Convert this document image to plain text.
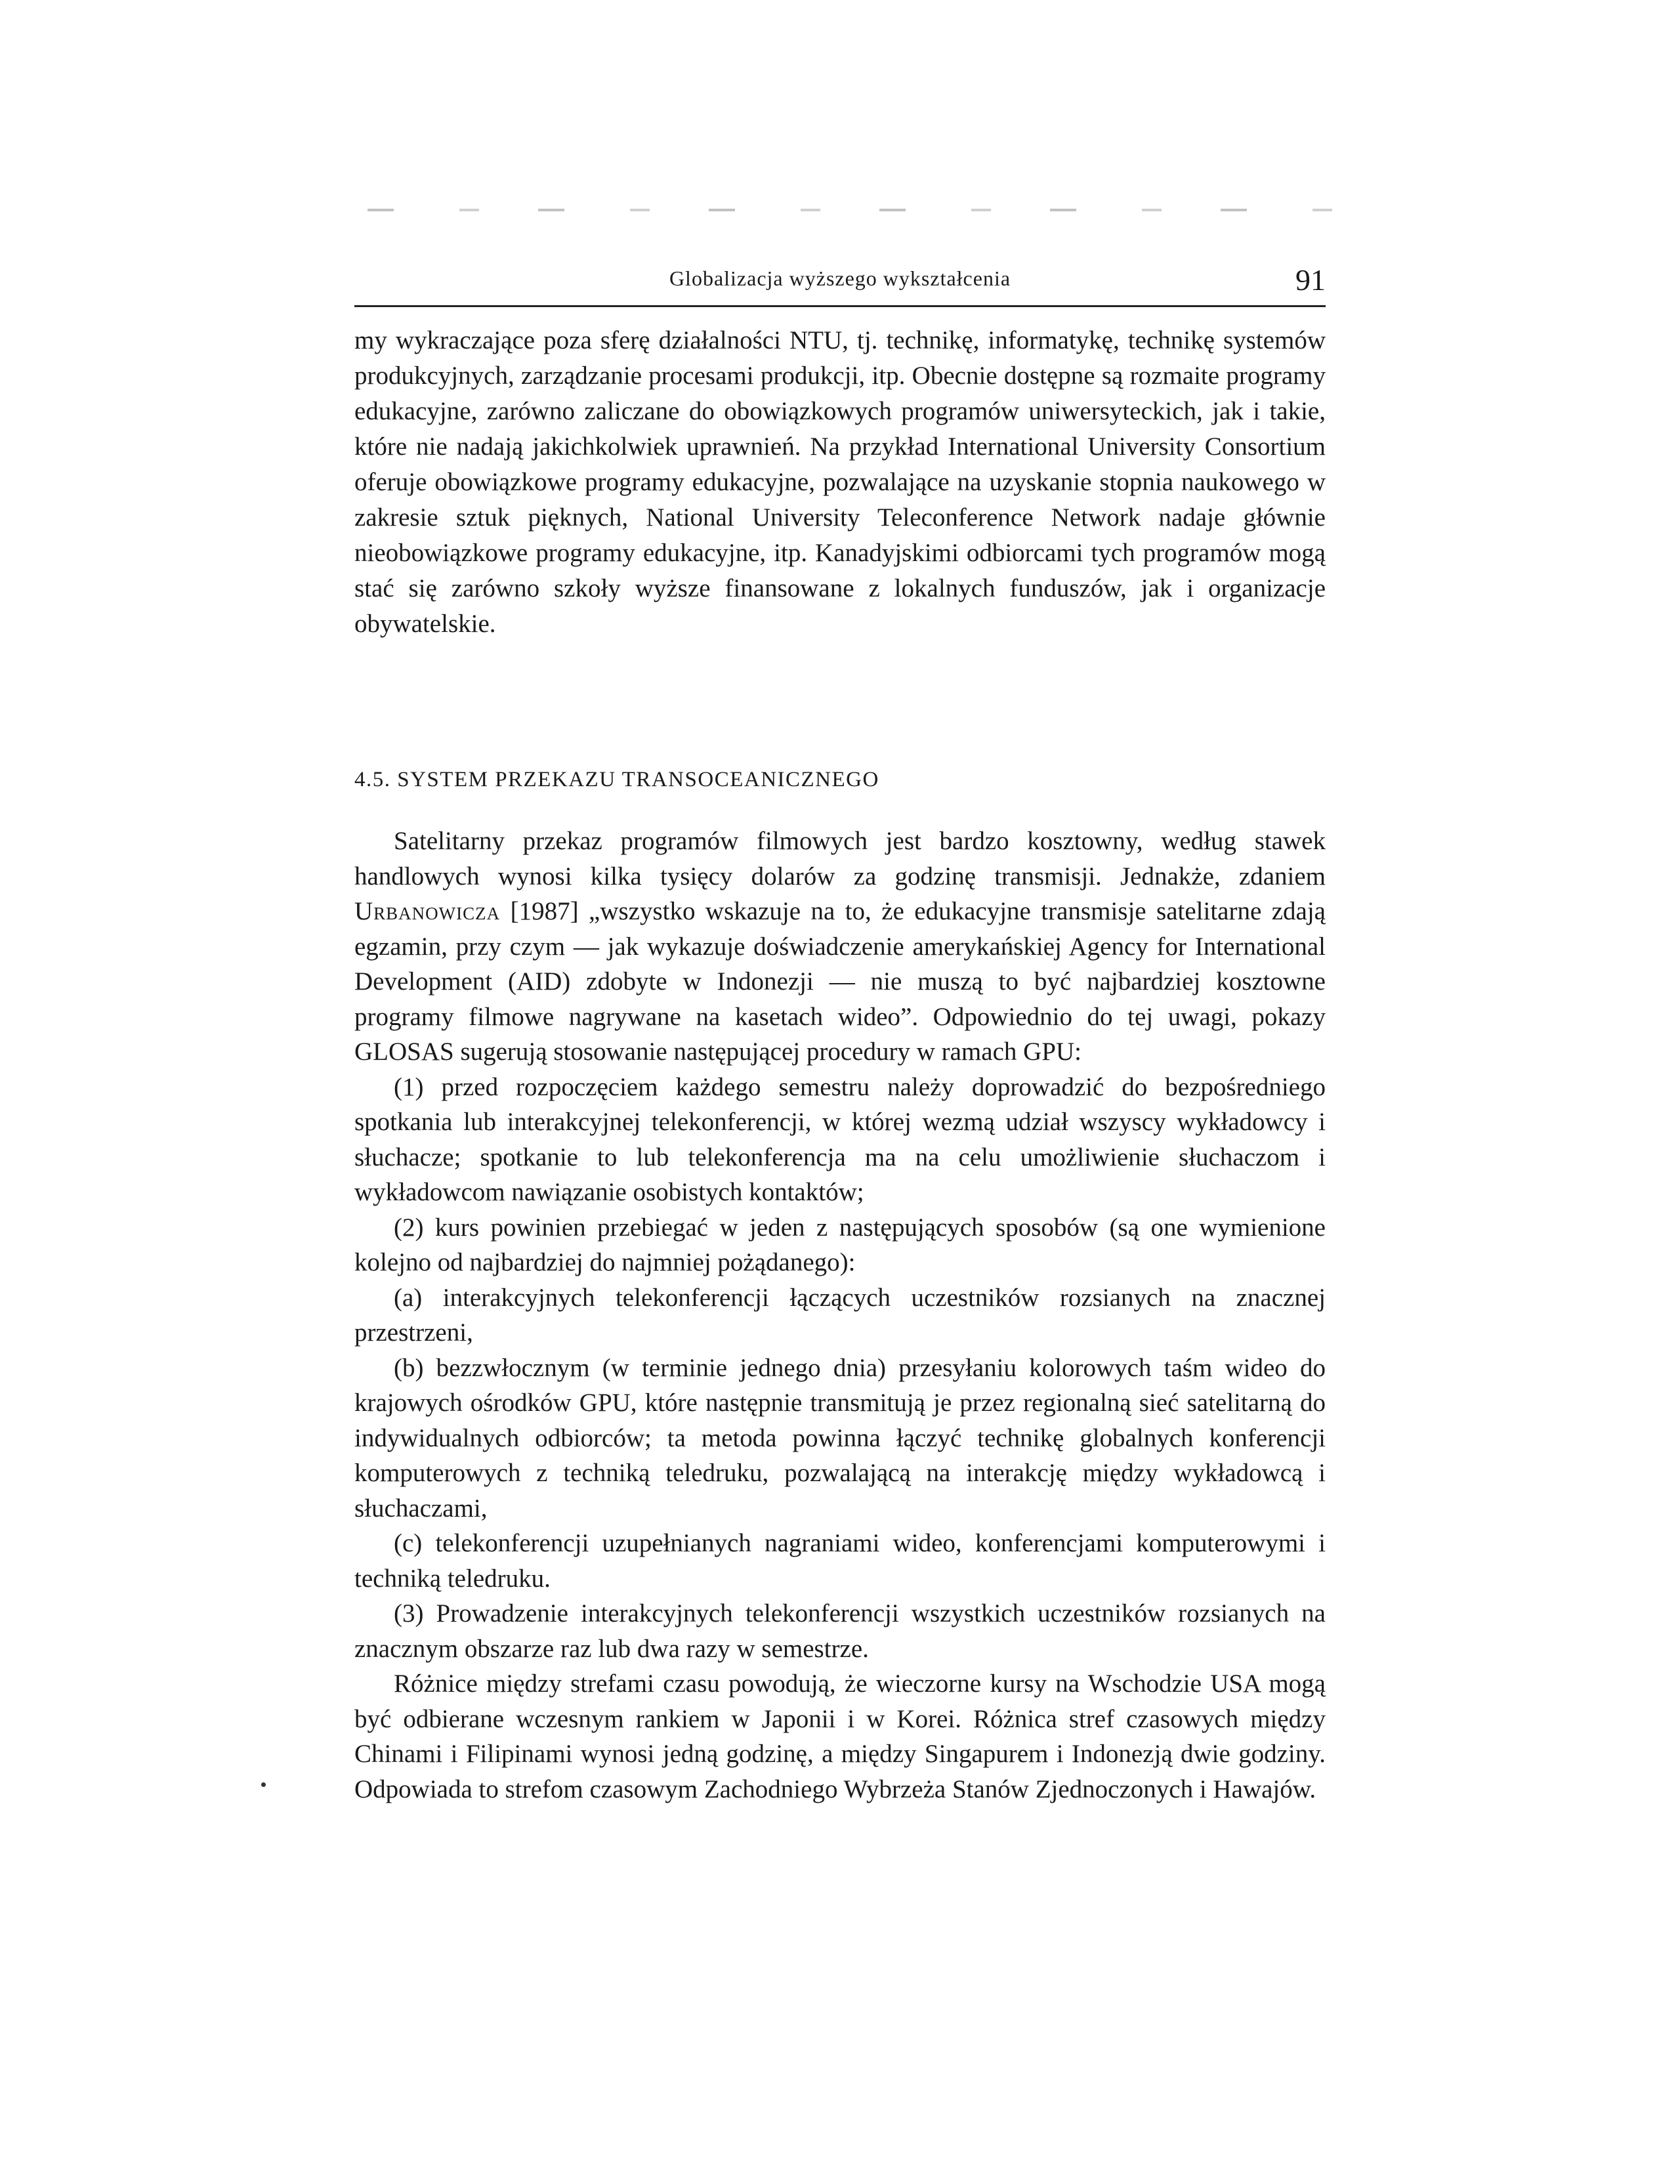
Globalizacja wyższego wykształcenia	91

my wykraczające poza sferę działalności NTU, tj. technikę, informatykę, technikę systemów produkcyjnych, zarządzanie procesami produkcji, itp. Obecnie dostępne są rozmaite programy edukacyjne, zarówno zaliczane do obowiązkowych programów uniwersyteckich, jak i takie, które nie nadają jakichkolwiek uprawnień. Na przykład International University Consortium oferuje obowiązkowe programy edukacyjne, pozwalające na uzyskanie stopnia naukowego w zakresie sztuk pięknych, National University Teleconference Network nadaje głównie nieobowiązkowe programy edukacyjne, itp. Kanadyjskimi odbiorcami tych programów mogą stać się zarówno szkoły wyższe finansowane z lokalnych funduszów, jak i organizacje obywatelskie.

4.5. SYSTEM PRZEKAZU TRANSOCEANICZNEGO

Satelitarny przekaz programów filmowych jest bardzo kosztowny, według stawek handlowych wynosi kilka tysięcy dolarów za godzinę transmisji. Jednakże, zdaniem Urbanowicza [1987] „wszystko wskazuje na to, że edukacyjne transmisje satelitarne zdają egzamin, przy czym — jak wykazuje doświadczenie amerykańskiej Agency for International Development (AID) zdobyte w Indonezji — nie muszą to być najbardziej kosztowne programy filmowe nagrywane na kasetach wideo”. Odpowiednio do tej uwagi, pokazy GLOSAS sugerują stosowanie następującej procedury w ramach GPU:

(1) przed rozpoczęciem każdego semestru należy doprowadzić do bezpośredniego spotkania lub interakcyjnej telekonferencji, w której wezmą udział wszyscy wykładowcy i słuchacze; spotkanie to lub telekonferencja ma na celu umożliwienie słuchaczom i wykładowcom nawiązanie osobistych kontaktów;

(2) kurs powinien przebiegać w jeden z następujących sposobów (są one wymienione kolejno od najbardziej do najmniej pożądanego):

(a) interakcyjnych telekonferencji łączących uczestników rozsianych na znacznej przestrzeni,

(b) bezzwłocznym (w terminie jednego dnia) przesyłaniu kolorowych taśm wideo do krajowych ośrodków GPU, które następnie transmitują je przez regionalną sieć satelitarną do indywidualnych odbiorców; ta metoda powinna łączyć technikę globalnych konferencji komputerowych z techniką teledruku, pozwalającą na interakcję między wykładowcą i słuchaczami,

(c) telekonferencji uzupełnianych nagraniami wideo, konferencjami komputerowymi i techniką teledruku.

(3) Prowadzenie interakcyjnych telekonferencji wszystkich uczestników rozsianych na znacznym obszarze raz lub dwa razy w semestrze.

Różnice między strefami czasu powodują, że wieczorne kursy na Wschodzie USA mogą być odbierane wczesnym rankiem w Japonii i w Korei. Różnica stref czasowych między Chinami i Filipinami wynosi jedną godzinę, a między Singapurem i Indonezją dwie godziny. Odpowiada to strefom czasowym Zachodniego Wybrzeża Stanów Zjednoczonych i Hawajów.
